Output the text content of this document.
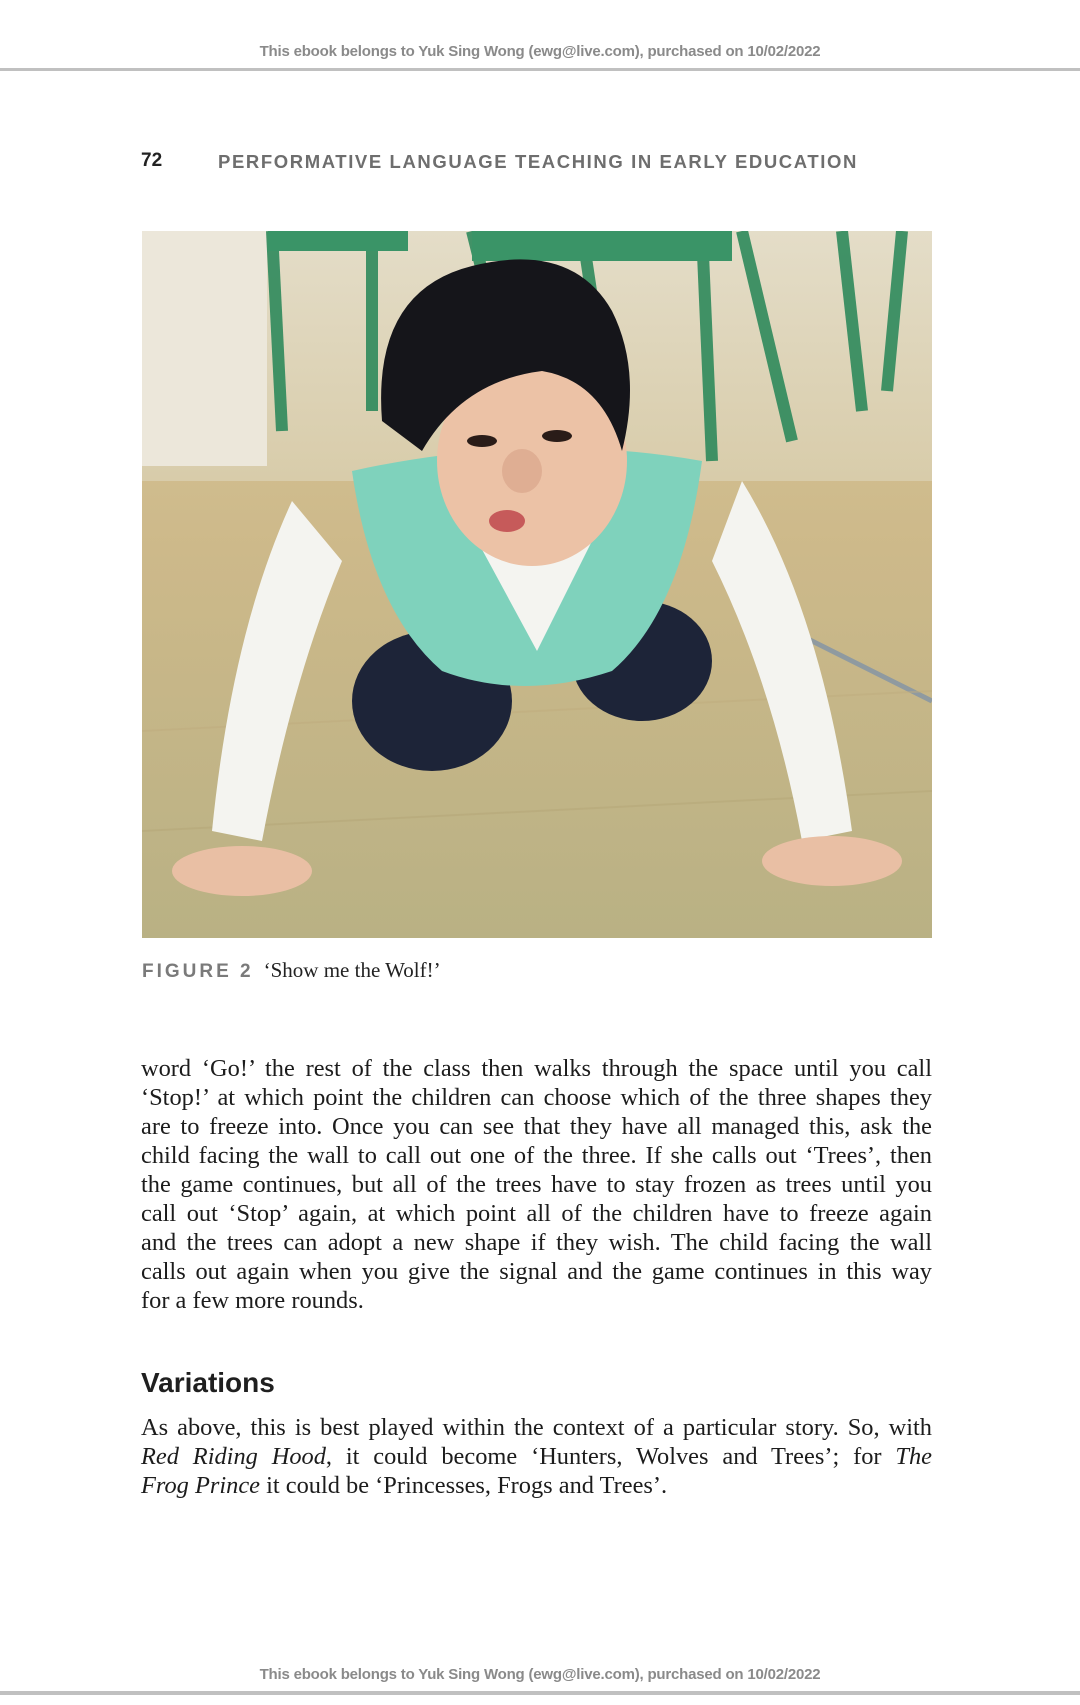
This ebook belongs to Yuk Sing Wong (ewg@live.com), purchased on 10/02/2022
72	PERFORMATIVE LANGUAGE TEACHING IN EARLY EDUCATION
FIGURE 2 ‘Show me the Wolf!’
word ‘Go!’ the rest of the class then walks through the space until you call
‘Stop!’ at which point the children can choose which of the three shapes they
are to freeze into. Once you can see that they have all managed this, ask the
child facing the wall to call out one of the three. If she calls out ‘Trees’, then
the game continues, but all of the trees have to stay frozen as trees until you
call out ‘Stop’ again, at which point all of the children have to freeze again
and the trees can adopt a new shape if they wish. The child facing the wall
calls out again when you give the signal and the game continues in this way
for a few more rounds.
Variations
As above, this is best played within the context of a particular story. So, with
Red Riding Hood, it could become ‘Hunters, Wolves and Trees’; for The
Frog Prince it could be ‘Princesses, Frogs and Trees’.
This ebook belongs to Yuk Sing Wong (ewg@live.com), purchased on 10/02/2022
